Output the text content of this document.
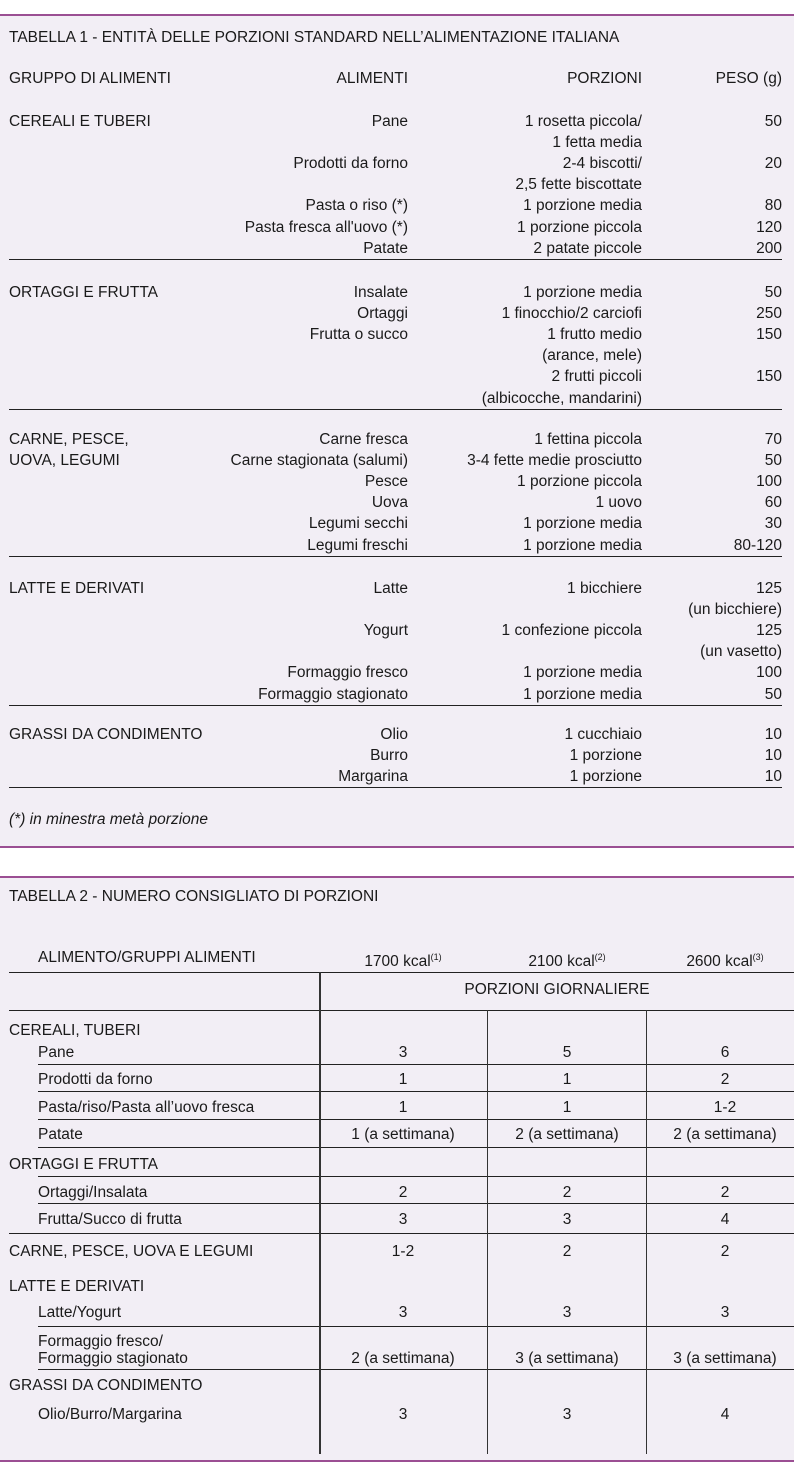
TABELLA 1 - ENTITÀ DELLE PORZIONI STANDARD NELL’ALIMENTAZIONE ITALIANA
GRUPPO DI ALIMENTI	ALIMENTI	PORZIONI	PESO (g)
CEREALI E TUBERI	Pane	1 rosetta piccola/	50
1 fetta media
Prodotti da forno	2-4 biscotti/	20
2,5 fette biscottate
Pasta o riso (*)	1 porzione media	80
Pasta fresca all'uovo (*)	1 porzione piccola	120
Patate	2 patate piccole	200
ORTAGGI E FRUTTA	Insalate	1 porzione media	50
Ortaggi	1 finocchio/2 carciofi	250
Frutta o succo	1 frutto medio	150
(arance, mele)
2 frutti piccoli	150
(albicocche, mandarini)
CARNE, PESCE,
UOVA, LEGUMI
Carne fresca	1 fettina piccola	70
Carne stagionata (salumi)	3-4 fette medie prosciutto	50
Pesce	1 porzione piccola	100
Uova	1 uovo	60
Legumi secchi	1 porzione media	30
Legumi freschi	1 porzione media	80-120
LATTE E DERIVATI	Latte	1 bicchiere	125
(un bicchiere)
Yogurt	1 confezione piccola	125
(un vasetto)
Formaggio fresco	1 porzione media	100
Formaggio stagionato	1 porzione media	50
GRASSI DA CONDIMENTO	Olio	1 cucchiaio	10
Burro	1 porzione	10
Margarina	1 porzione	10
(*) in minestra metà porzione
TABELLA 2 - NUMERO CONSIGLIATO DI PORZIONI
ALIMENTO/GRUPPI ALIMENTI	1700 kcal$^{(1)}$	2100 kcal$^{(2)}$	2600 kcal$^{(3)}$
PORZIONI GIORNALIERE
CEREALI, TUBERI
Pane	3	5	6
Prodotti da forno	1	1	2
Pasta/riso/Pasta all’uovo fresca	1	1	1-2
Patate	1 (a settimana)	2 (a settimana)	2 (a settimana)
ORTAGGI E FRUTTA
Ortaggi/Insalata	2	2	2
Frutta/Succo di frutta	3	3	4
CARNE, PESCE, UOVA E LEGUMI	1-2	2	2
LATTE E DERIVATI
Latte/Yogurt	3	3	3
Formaggio fresco/
Formaggio stagionato	2 (a settimana)	3 (a settimana)	3 (a settimana)
GRASSI DA CONDIMENTO
Olio/Burro/Margarina	3	3	4
